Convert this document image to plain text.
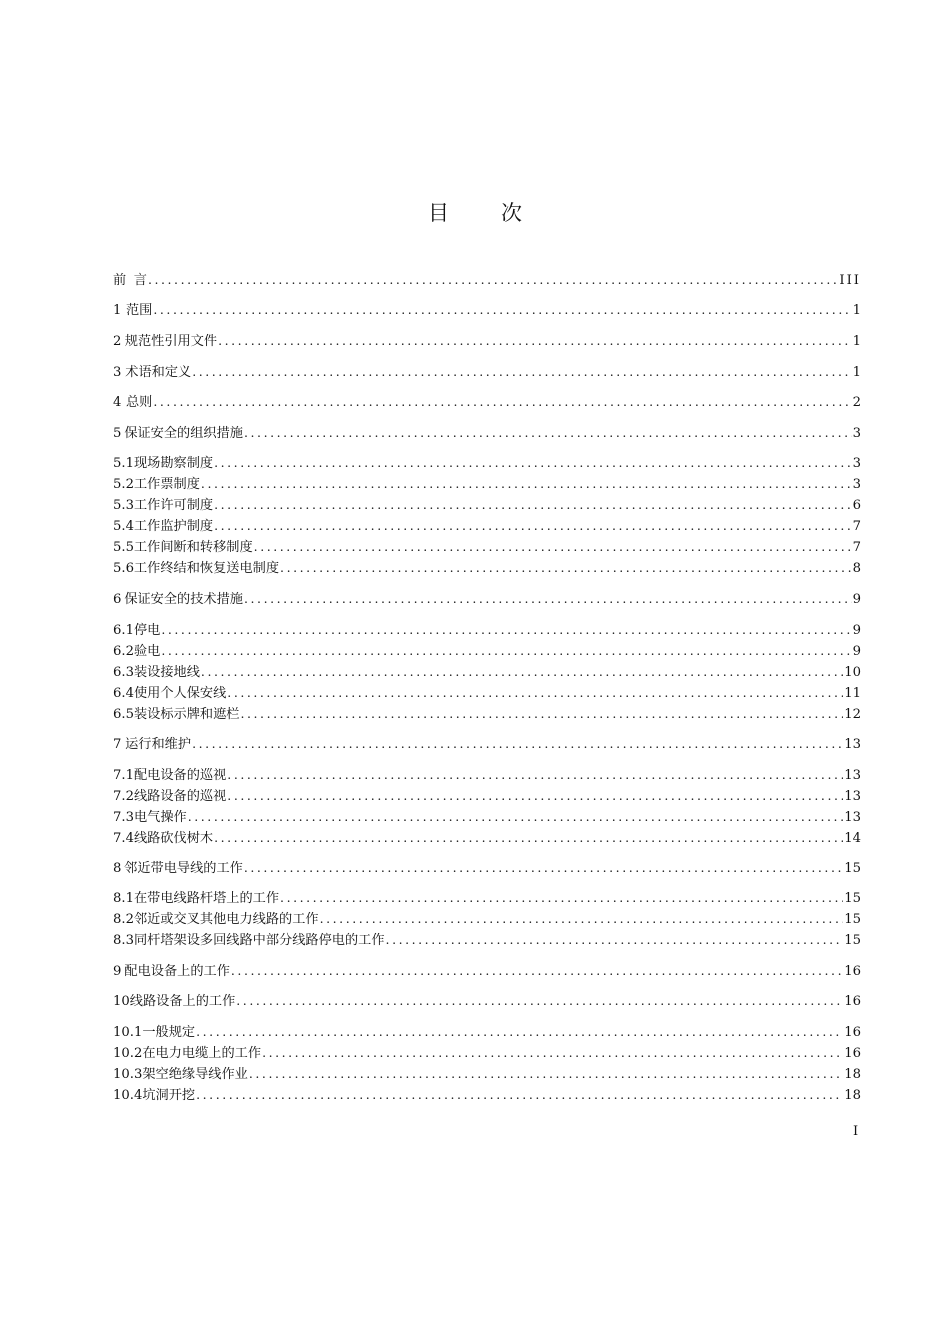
目 次
前 言 .....	III
1 范围 .....	1
2 规范性引用文件 .....	1
3 术语和定义 .....	1
4 总则 .....	2
5 保证安全的组织措施 .....	3
5.1 现场勘察制度 .....	3
5.2 工作票制度 .....	3
5.3 工作许可制度 .....	6
5.4 工作监护制度 .....	7
5.5 工作间断和转移制度 .....	7
5.6 工作终结和恢复送电制度 .....	8
6 保证安全的技术措施 .....	9
6.1 停电 .....	9
6.2 验电 .....	9
6.3 装设接地线 .....	10
6.4 使用个人保安线 .....	11
6.5 装设标示牌和遮栏 .....	12
7 运行和维护 .....	13
7.1 配电设备的巡视 .....	13
7.2 线路设备的巡视 .....	13
7.3 电气操作 .....	13
7.4 线路砍伐树木 .....	14
8 邻近带电导线的工作 .....	15
8.1 在带电线路杆塔上的工作 .....	15
8.2 邻近或交叉其他电力线路的工作 .....	15
8.3 同杆塔架设多回线路中部分线路停电的工作 .....	15
9 配电设备上的工作 .....	16
10 线路设备上的工作 .....	16
10.1 一般规定 .....	16
10.2 在电力电缆上的工作 .....	16
10.3 架空绝缘导线作业 .....	18
10.4 坑洞开挖 .....	18
I
